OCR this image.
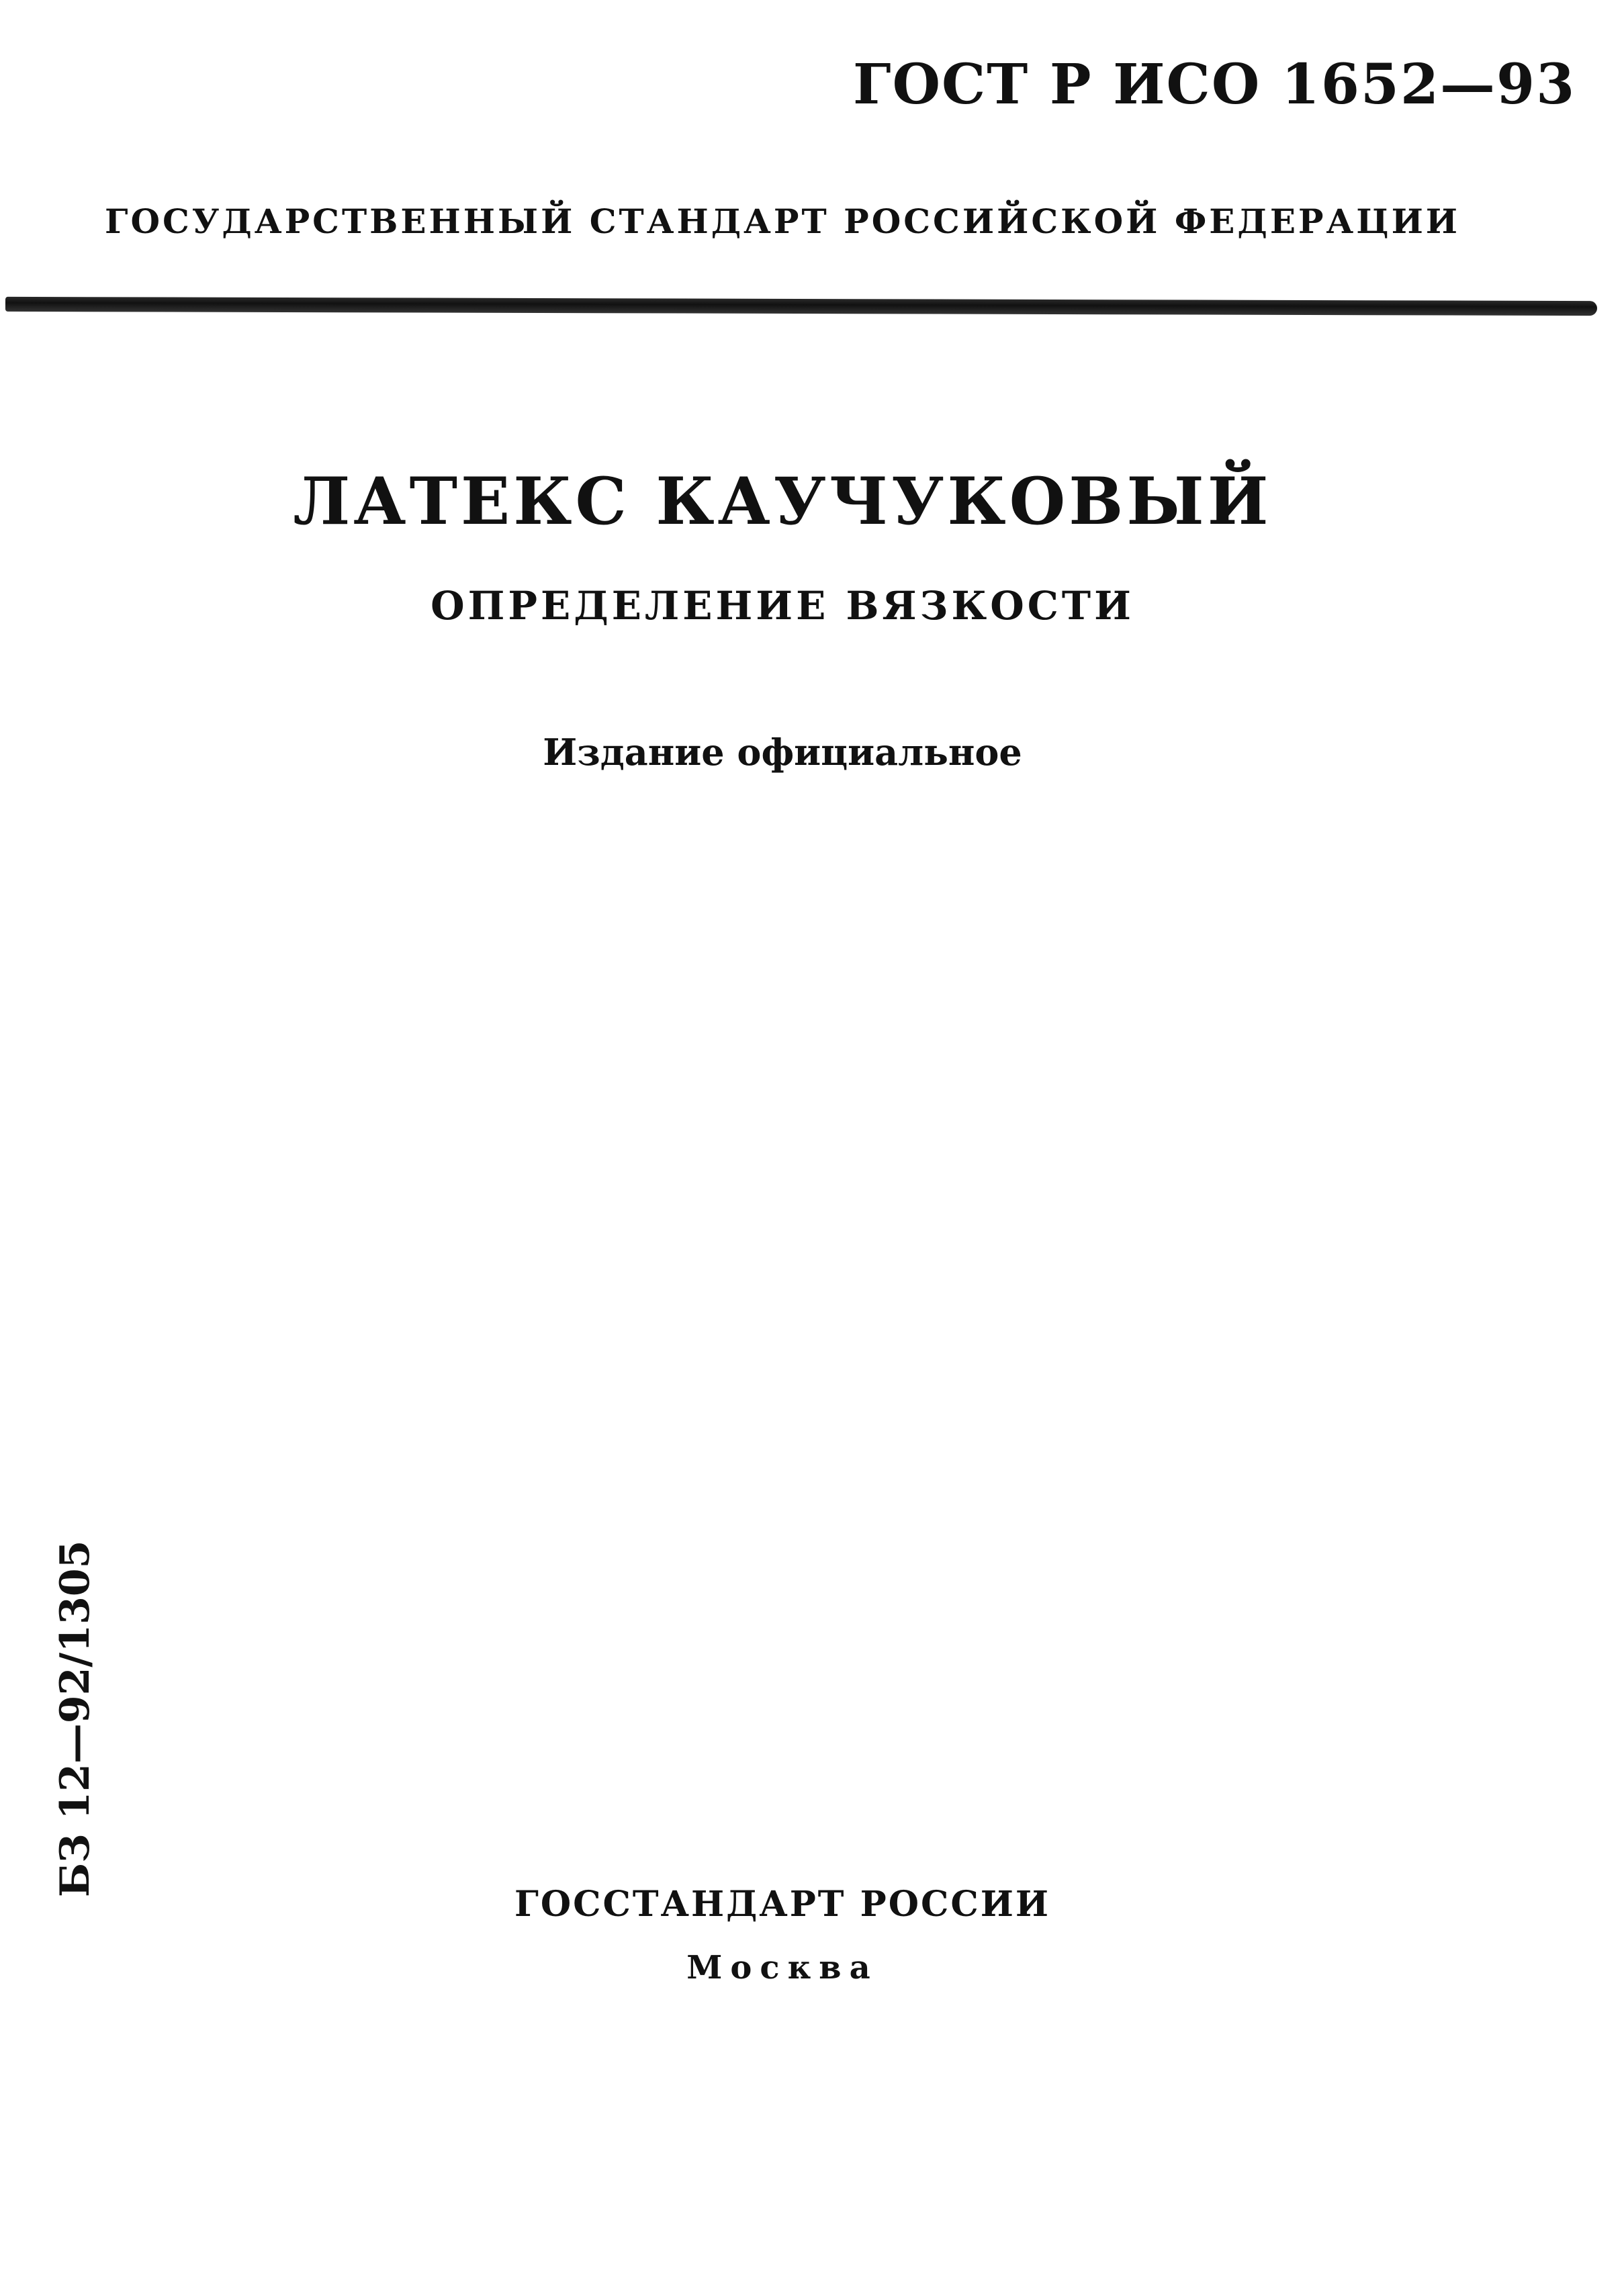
ГОСТ Р ИСО 1652—93
ГОСУДАРСТВЕННЫЙ СТАНДАРТ РОССИЙСКОЙ ФЕДЕРАЦИИ
ЛАТЕКС КАУЧУКОВЫЙ
ОПРЕДЕЛЕНИЕ ВЯЗКОСТИ
Издание официальное
БЗ 12—92/1305
ГОССТАНДАРТ РОССИИ
Москва
